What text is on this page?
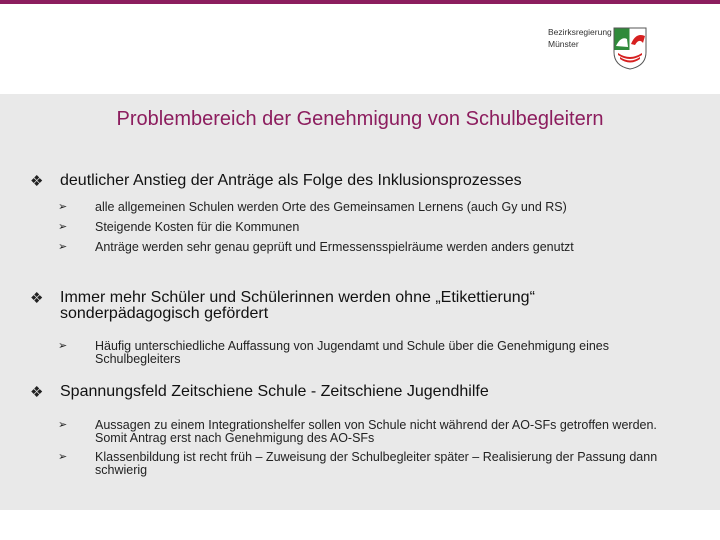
Bezirksregierung
Münster
Problembereich der Genehmigung von Schulbegleitern
❖	deutlicher Anstieg der Anträge als Folge des Inklusionsprozesses
➢	alle allgemeinen Schulen werden Orte des Gemeinsamen Lernens (auch Gy und RS)
➢	Steigende Kosten für die Kommunen
➢	Anträge werden sehr genau geprüft und Ermessensspielräume werden anders genutzt
❖	Immer mehr Schüler und Schülerinnen werden ohne „Etikettierung“ sonderpädagogisch gefördert
➢	Häufig unterschiedliche Auffassung von Jugendamt und Schule über die Genehmigung eines Schulbegleiters
❖	Spannungsfeld Zeitschiene Schule - Zeitschiene Jugendhilfe
➢	Aussagen zu einem Integrationshelfer sollen von Schule nicht während der AO-SFs getroffen werden. Somit Antrag erst nach Genehmigung des AO-SFs
➢	Klassenbildung ist recht früh – Zuweisung der Schulbegleiter später – Realisierung der Passung dann schwierig
